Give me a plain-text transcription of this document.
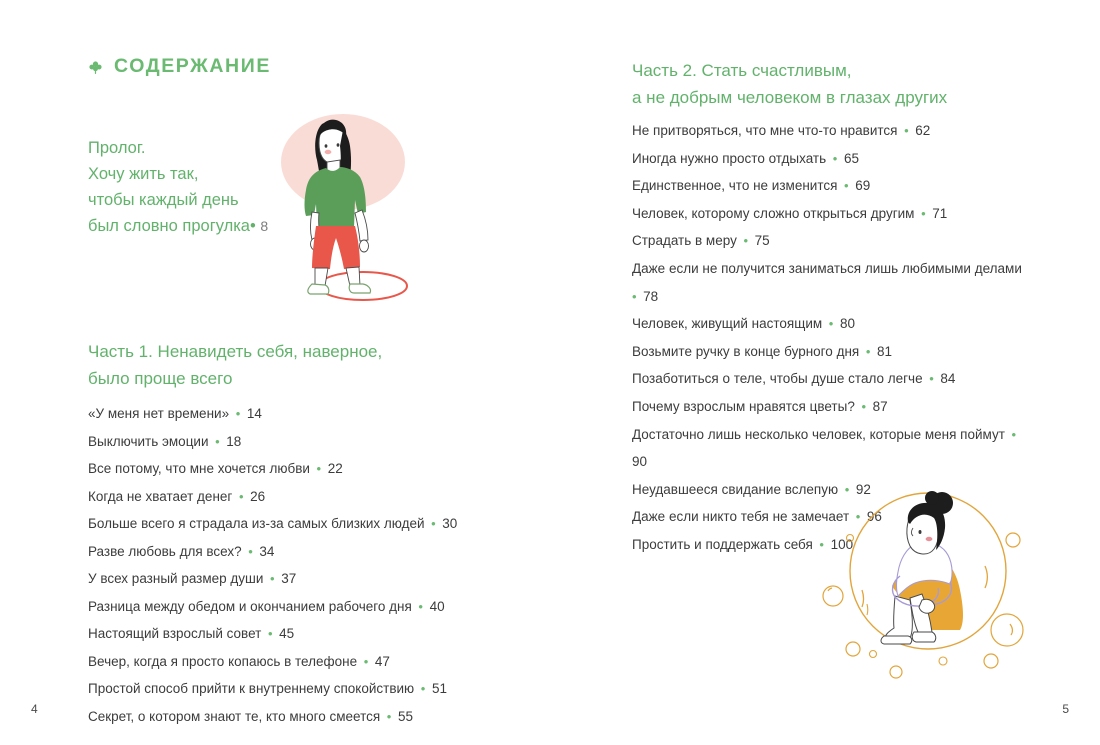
СОДЕРЖАНИЕ
Пролог.
Хочу жить так,
чтобы каждый день
был словно прогулка• 8
Часть 1. Ненавидеть себя, наверное,
было проще всего
«У меня нет времени» • 14
Выключить эмоции • 18
Все потому, что мне хочется любви • 22
Когда не хватает денег • 26
Больше всего я страдала из-за самых близких людей • 30
Разве любовь для всех? • 34
У всех разный размер души • 37
Разница между обедом и окончанием рабочего дня • 40
Настоящий взрослый совет • 45
Вечер, когда я просто копаюсь в телефоне • 47
Простой способ прийти к внутреннему спокойствию • 51
Секрет, о котором знают те, кто много смеется • 55
4
Часть 2. Стать счастливым,
а не добрым человеком в глазах других
Не притворяться, что мне что-то нравится • 62
Иногда нужно просто отдыхать • 65
Единственное, что не изменится • 69
Человек, которому сложно открыться другим • 71
Страдать в меру • 75
Даже если не получится заниматься лишь любимыми делами • 78
Человек, живущий настоящим • 80
Возьмите ручку в конце бурного дня • 81
Позаботиться о теле, чтобы душе стало легче • 84
Почему взрослым нравятся цветы? • 87
Достаточно лишь несколько человек, которые меня поймут • 90
Неудавшееся свидание вслепую • 92
Даже если никто тебя не замечает • 96
Простить и поддержать себя • 100
5
